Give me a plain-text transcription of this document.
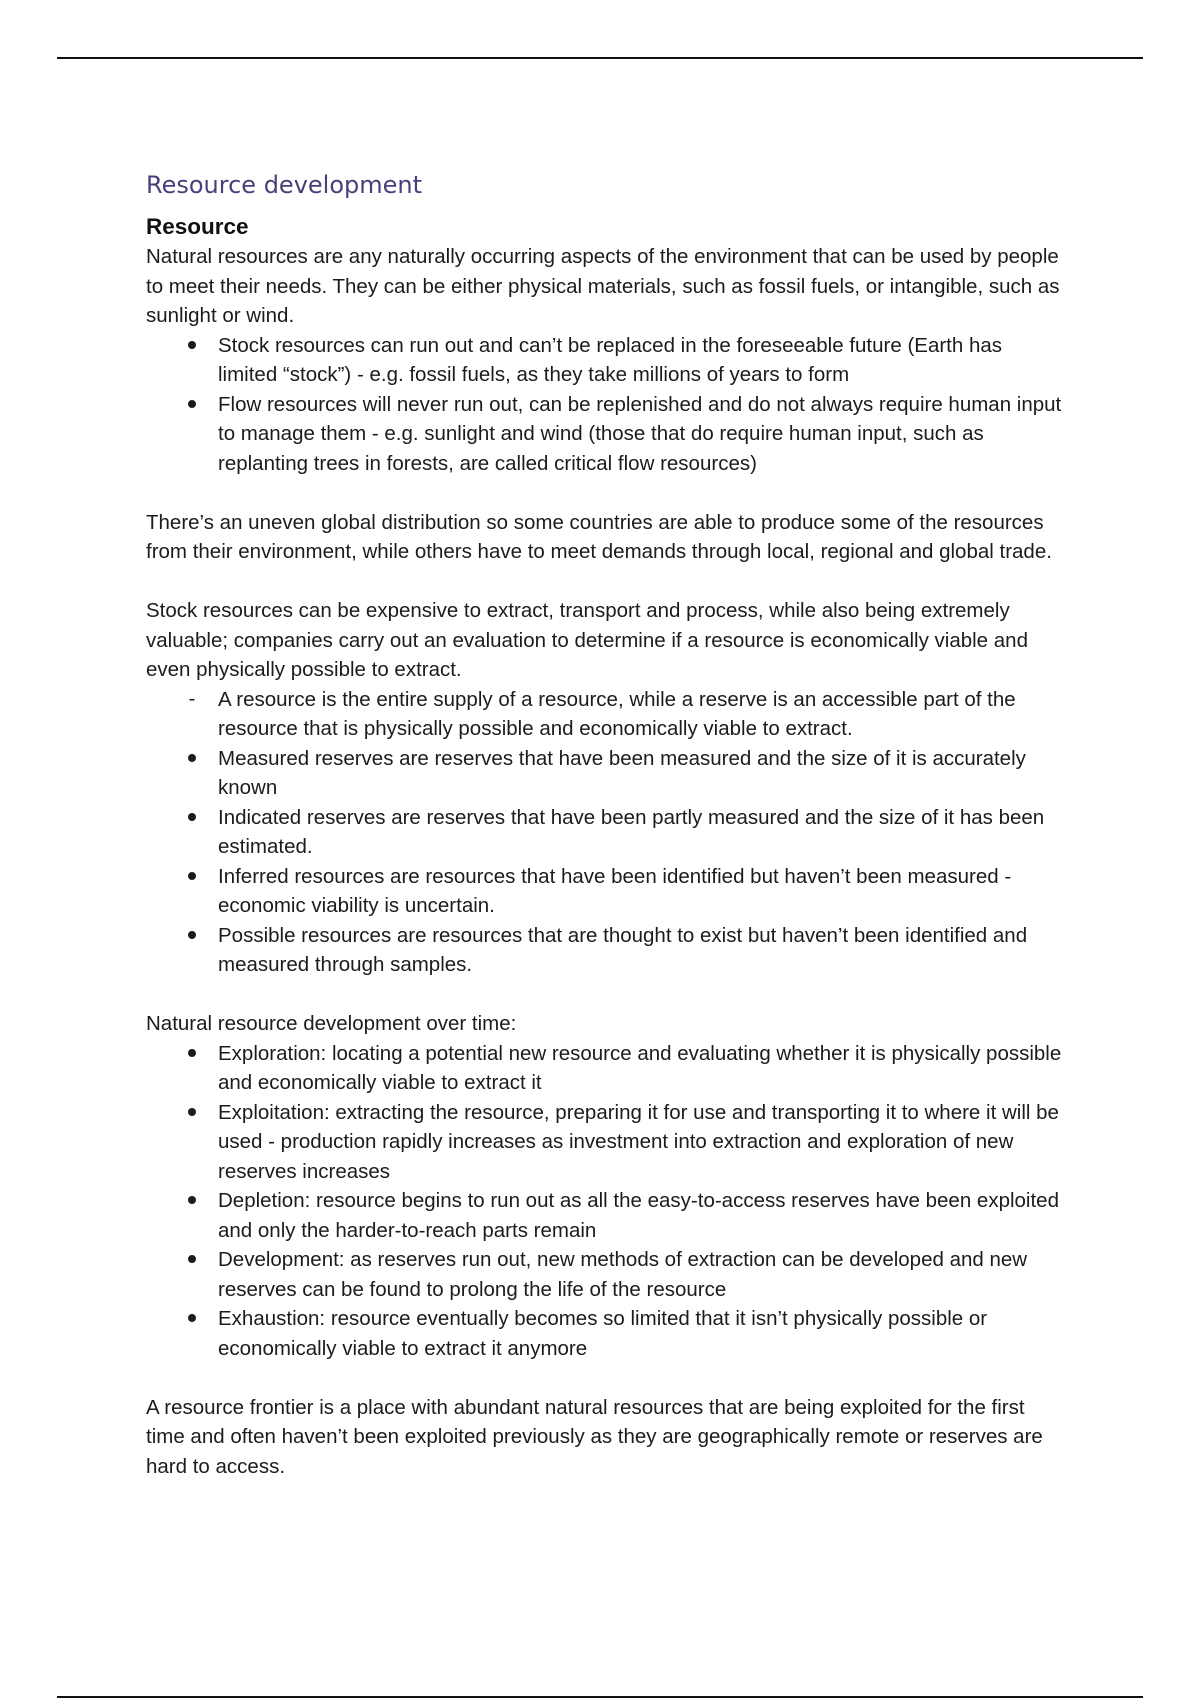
Resource development
Resource

Natural resources are any naturally occurring aspects of the environment that can be used by people to meet their needs. They can be either physical materials, such as fossil fuels, or intangible, such as sunlight or wind.

Stock resources can run out and can’t be replaced in the foreseeable future (Earth has limited “stock”) - e.g. fossil fuels, as they take millions of years to form
Flow resources will never run out, can be replenished and do not always require human input to manage them - e.g. sunlight and wind (those that do require human input, such as replanting trees in forests, are called critical flow resources)

There’s an uneven global distribution so some countries are able to produce some of the resources from their environment, while others have to meet demands through local, regional and global trade.

Stock resources can be expensive to extract, transport and process, while also being extremely valuable; companies carry out an evaluation to determine if a resource is economically viable and even physically possible to extract.

-	A resource is the entire supply of a resource, while a reserve is an accessible part of the resource that is physically possible and economically viable to extract.
Measured reserves are reserves that have been measured and the size of it is accurately known
Indicated reserves are reserves that have been partly measured and the size of it has been estimated.
Inferred resources are resources that have been identified but haven’t been measured - economic viability is uncertain.
Possible resources are resources that are thought to exist but haven’t been identified and measured through samples.

Natural resource development over time:

Exploration: locating a potential new resource and evaluating whether it is physically possible and economically viable to extract it
Exploitation: extracting the resource, preparing it for use and transporting it to where it will be used - production rapidly increases as investment into extraction and exploration of new reserves increases
Depletion: resource begins to run out as all the easy-to-access reserves have been exploited and only the harder-to-reach parts remain
Development: as reserves run out, new methods of extraction can be developed and new reserves can be found to prolong the life of the resource
Exhaustion: resource eventually becomes so limited that it isn’t physically possible or economically viable to extract it anymore

A resource frontier is a place with abundant natural resources that are being exploited for the first time and often haven’t been exploited previously as they are geographically remote or reserves are hard to access.
